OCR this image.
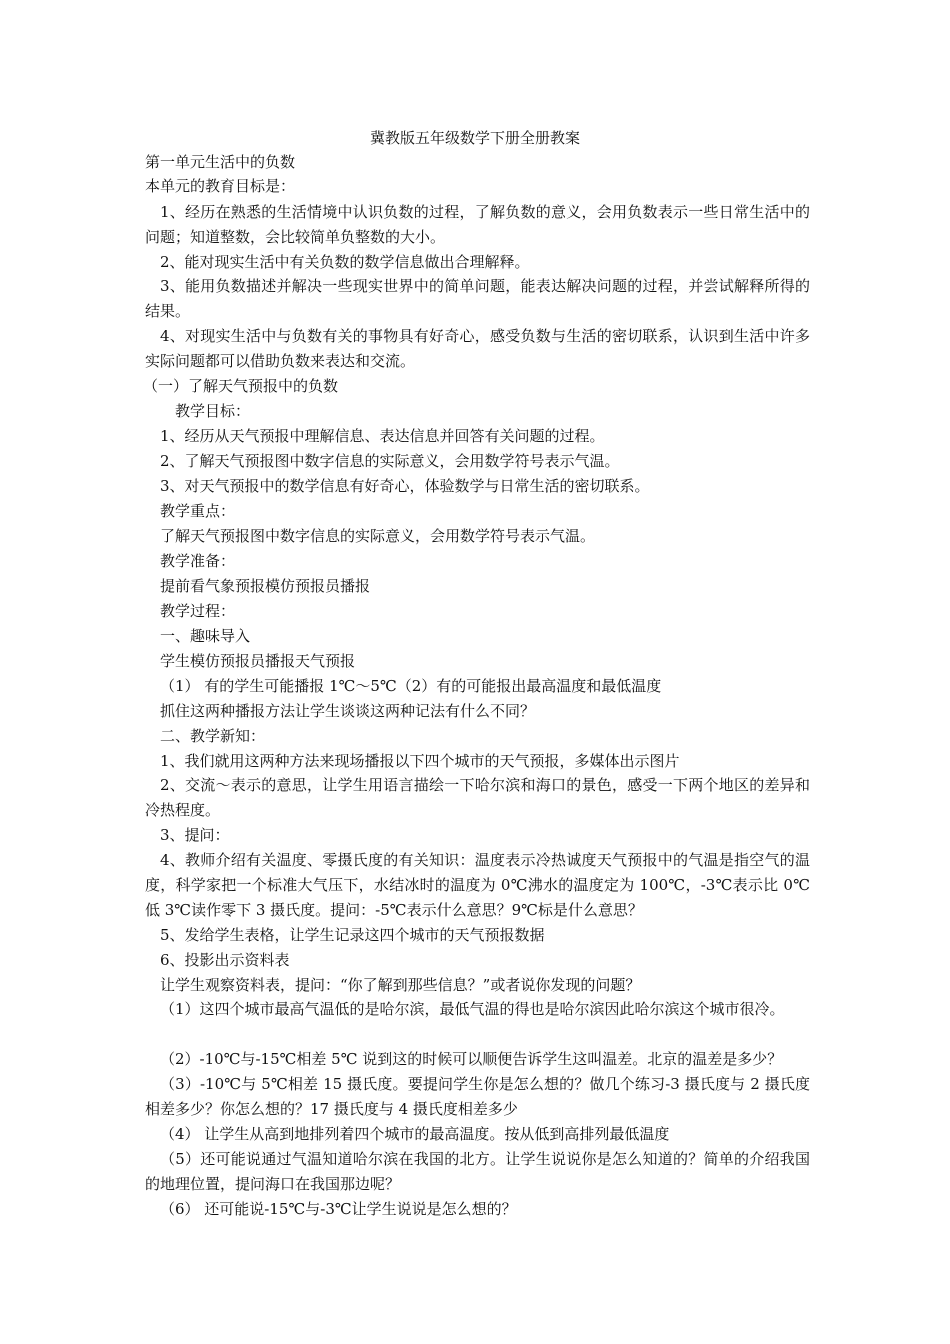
冀教版五年级数学下册全册教案
第一单元生活中的负数
本单元的教育目标是：
1、经历在熟悉的生活情境中认识负数的过程，了解负数的意义，会用负数表示一些日常生活中的问题；知道整数，会比较简单负整数的大小。
2、能对现实生活中有关负数的数学信息做出合理解释。
3、能用负数描述并解决一些现实世界中的简单问题，能表达解决问题的过程，并尝试解释所得的结果。
4、对现实生活中与负数有关的事物具有好奇心，感受负数与生活的密切联系，认识到生活中许多实际问题都可以借助负数来表达和交流。
（一）了解天气预报中的负数
教学目标：
1、经历从天气预报中理解信息、表达信息并回答有关问题的过程。
2、了解天气预报图中数字信息的实际意义，会用数学符号表示气温。
3、对天气预报中的数学信息有好奇心，体验数学与日常生活的密切联系。
教学重点：
了解天气预报图中数字信息的实际意义，会用数学符号表示气温。
教学准备：
提前看气象预报模仿预报员播报
教学过程：
一、趣味导入
学生模仿预报员播报天气预报
（1） 有的学生可能播报 1℃～5℃（2）有的可能报出最高温度和最低温度
抓住这两种播报方法让学生谈谈这两种记法有什么不同？
二、教学新知：
1、我们就用这两种方法来现场播报以下四个城市的天气预报，多媒体出示图片
2、交流～表示的意思，让学生用语言描绘一下哈尔滨和海口的景色，感受一下两个地区的差异和冷热程度。
3、提问：
4、教师介绍有关温度、零摄氏度的有关知识：温度表示冷热诚度天气预报中的气温是指空气的温度，科学家把一个标准大气压下，水结冰时的温度为 0℃沸水的温度定为 100℃，-3℃表示比 0℃低 3℃读作零下 3 摄氏度。提问：-5℃表示什么意思？9℃标是什么意思？
5、发给学生表格，让学生记录这四个城市的天气预报数据
6、投影出示资料表
让学生观察资料表，提问：“你了解到那些信息？”或者说你发现的问题？
（1）这四个城市最高气温低的是哈尔滨，最低气温的得也是哈尔滨因此哈尔滨这个城市很冷。
（2）-10℃与-15℃相差 5℃ 说到这的时候可以顺便告诉学生这叫温差。北京的温差是多少？
（3）-10℃与 5℃相差 15 摄氏度。要提问学生你是怎么想的？做几个练习-3 摄氏度与 2 摄氏度相差多少？你怎么想的？17 摄氏度与 4 摄氏度相差多少
（4） 让学生从高到地排列着四个城市的最高温度。按从低到高排列最低温度
（5）还可能说通过气温知道哈尔滨在我国的北方。让学生说说你是怎么知道的？简单的介绍我国的地理位置，提问海口在我国那边呢？
（6） 还可能说-15℃与-3℃让学生说说是怎么想的？
